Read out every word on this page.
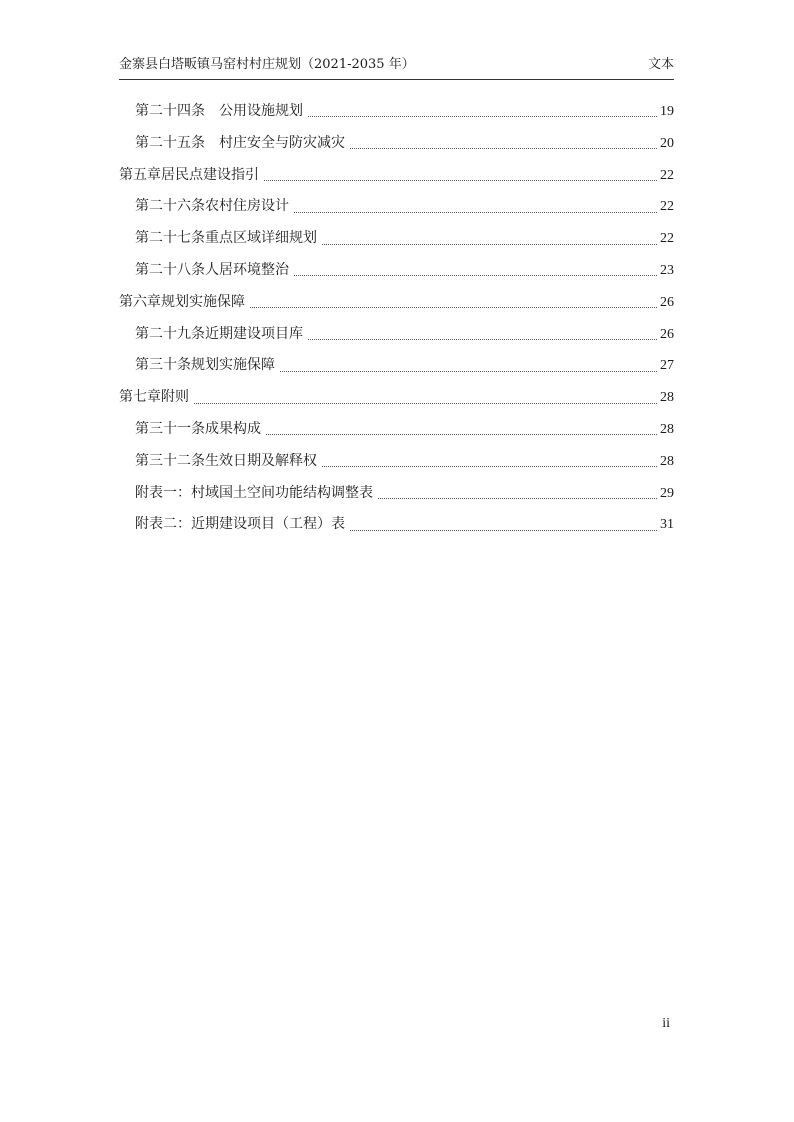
金寨县白塔畈镇马窑村村庄规划（2021-2035 年）	文本
第二十四条　公用设施规划	19
第二十五条　村庄安全与防灾减灾	20
第五章居民点建设指引	22
第二十六条农村住房设计	22
第二十七条重点区域详细规划	22
第二十八条人居环境整治	23
第六章规划实施保障	26
第二十九条近期建设项目库	26
第三十条规划实施保障	27
第七章附则	28
第三十一条成果构成	28
第三十二条生效日期及解释权	28
附表一：村域国土空间功能结构调整表	29
附表二：近期建设项目（工程）表	31
ii
